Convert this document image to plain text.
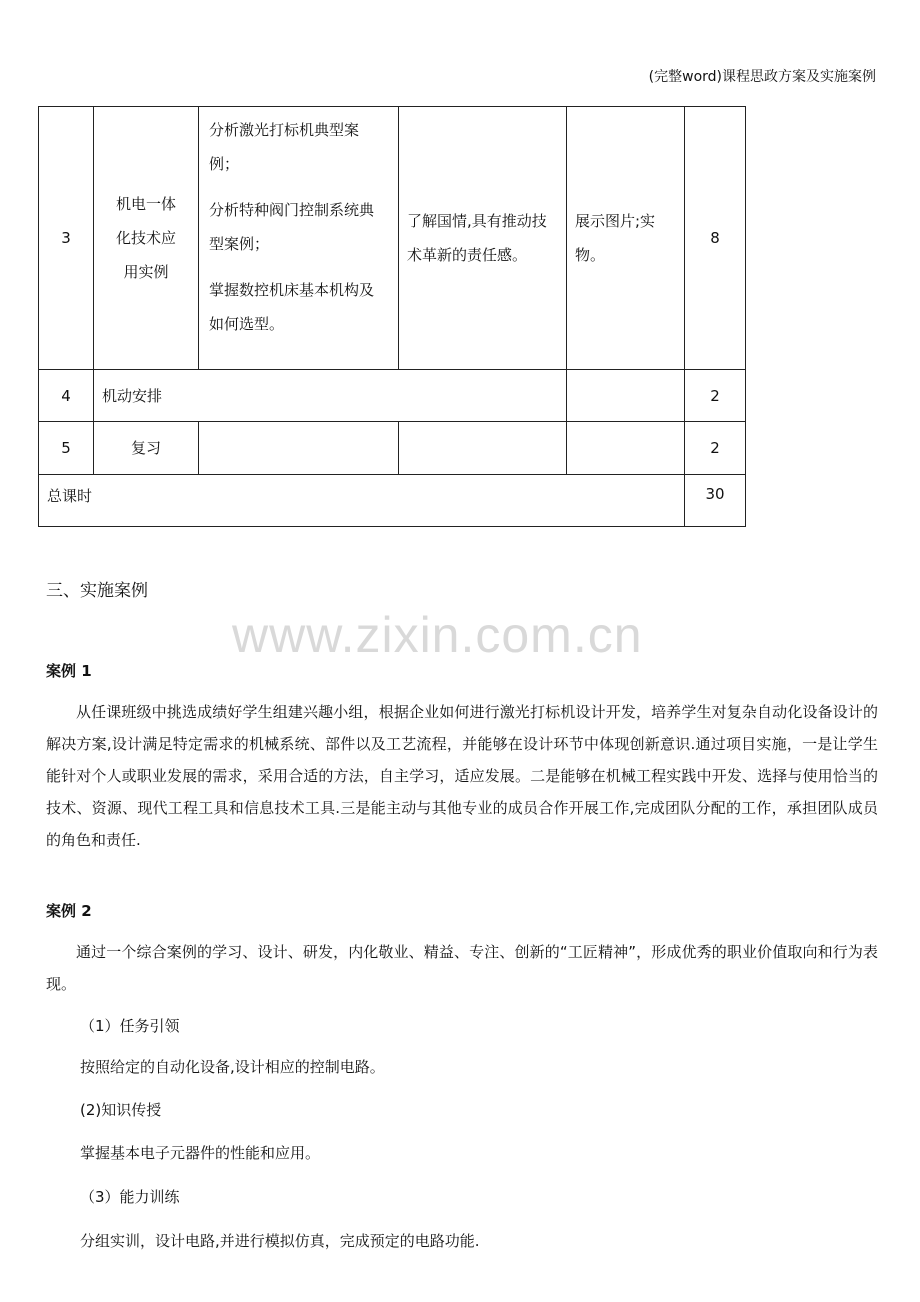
(完整word)课程思政方案及实施案例
3	机电一体化技术应用实例	分析激光打标机典型案例；

分析特种阀门控制系统典型案例；

掌握数控机床基本机构及如何选型。	了解国情,具有推动技术革新的责任感。	展示图片;实物。	8
4	机动安排				2
5	复习				2
总课时					30
三、实施案例
www.zixin.com.cn
案例 1
从任课班级中挑选成绩好学生组建兴趣小组，根据企业如何进行激光打标机设计开发，培养学生对复杂自动化设备设计的解决方案,设计满足特定需求的机械系统、部件以及工艺流程，并能够在设计环节中体现创新意识.通过项目实施，一是让学生能针对个人或职业发展的需求，采用合适的方法，自主学习，适应发展。二是能够在机械工程实践中开发、选择与使用恰当的技术、资源、现代工程工具和信息技术工具.三是能主动与其他专业的成员合作开展工作,完成团队分配的工作，承担团队成员的角色和责任.
案例 2
通过一个综合案例的学习、设计、研发，内化敬业、精益、专注、创新的“工匠精神”，形成优秀的职业价值取向和行为表现。
（1）任务引领
按照给定的自动化设备,设计相应的控制电路。
(2)知识传授
掌握基本电子元器件的性能和应用。
（3）能力训练
分组实训，设计电路,并进行模拟仿真，完成预定的电路功能.
